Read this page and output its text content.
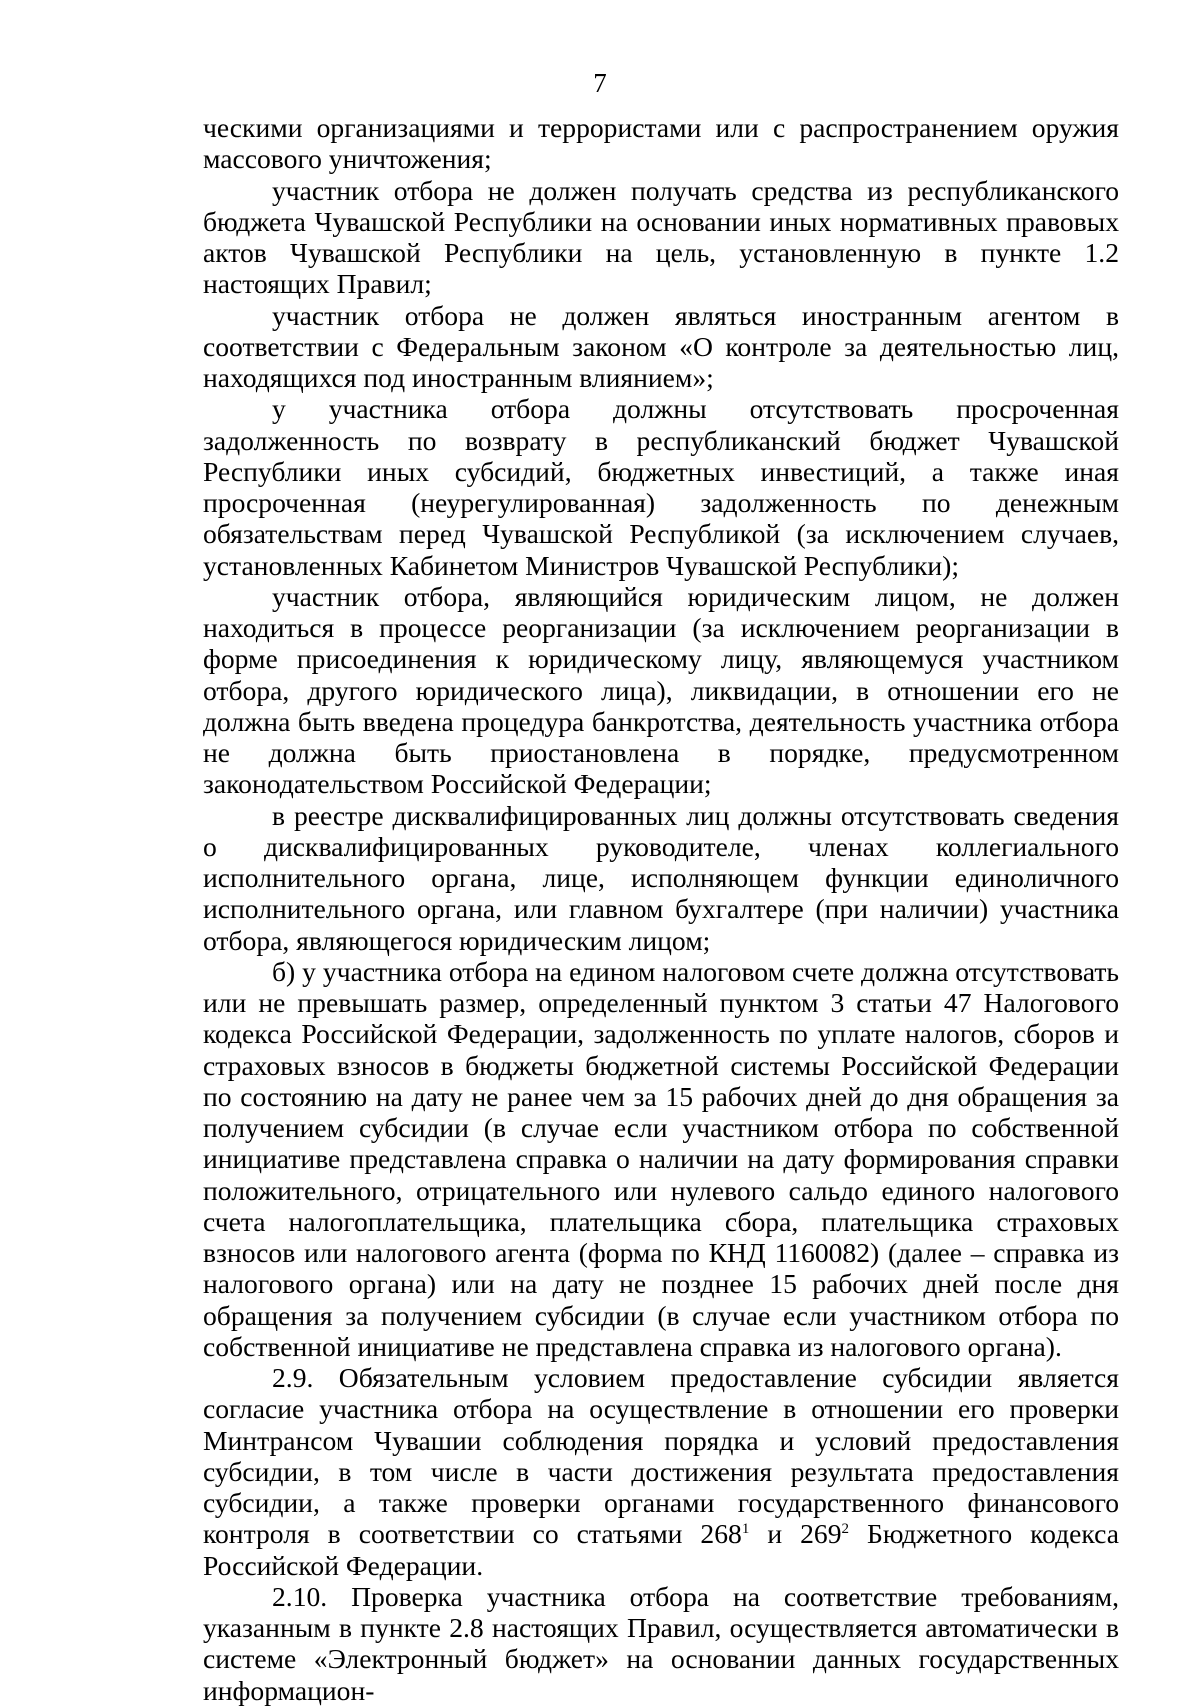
7

ческими организациями и террористами или с распространением оружия массового уничтожения;

участник отбора не должен получать средства из республиканского бюджета Чувашской Республики на основании иных нормативных правовых актов Чувашской Республики на цель, установленную в пункте 1.2 настоящих Правил;

участник отбора не должен являться иностранным агентом в соответствии с Федеральным законом «О контроле за деятельностью лиц, находящихся под иностранным влиянием»;

у участника отбора должны отсутствовать просроченная задолженность по возврату в республиканский бюджет Чувашской Республики иных субсидий, бюджетных инвестиций, а также иная просроченная (неурегулированная) задолженность по денежным обязательствам перед Чувашской Республикой (за исключением случаев, установленных Кабинетом Министров Чувашской Республики);

участник отбора, являющийся юридическим лицом, не должен находиться в процессе реорганизации (за исключением реорганизации в форме присоединения к юридическому лицу, являющемуся участником отбора, другого юридического лица), ликвидации, в отношении его не должна быть введена процедура банкротства, деятельность участника отбора не должна быть приостановлена в порядке, предусмотренном законодательством Российской Федерации;

в реестре дисквалифицированных лиц должны отсутствовать сведения о дисквалифицированных руководителе, членах коллегиального исполнительного органа, лице, исполняющем функции единоличного исполнительного органа, или главном бухгалтере (при наличии) участника отбора, являющегося юридическим лицом;

б) у участника отбора на едином налоговом счете должна отсутствовать или не превышать размер, определенный пунктом 3 статьи 47 Налогового кодекса Российской Федерации, задолженность по уплате налогов, сборов и страховых взносов в бюджеты бюджетной системы Российской Федерации по состоянию на дату не ранее чем за 15 рабочих дней до дня обращения за получением субсидии (в случае если участником отбора по собственной инициативе представлена справка о наличии на дату формирования справки положительного, отрицательного или нулевого сальдо единого налогового счета налогоплательщика, плательщика сбора, плательщика страховых взносов или налогового агента (форма по КНД 1160082) (далее – справка из налогового органа) или на дату не позднее 15 рабочих дней после дня обращения за получением субсидии (в случае если участником отбора по собственной инициативе не представлена справка из налогового органа).

2.9. Обязательным условием предоставление субсидии является согласие участника отбора на осуществление в отношении его проверки Минтрансом Чувашии соблюдения порядка и условий предоставления субсидии, в том числе в части достижения результата предоставления субсидии, а также проверки органами государственного финансового контроля в соответствии со статьями $268^1$ и $269^2$ Бюджетного кодекса Российской Федерации.

2.10. Проверка участника отбора на соответствие требованиям, указанным в пункте 2.8 настоящих Правил, осуществляется автоматически в системе «Электронный бюджет» на основании данных государственных информацион-
